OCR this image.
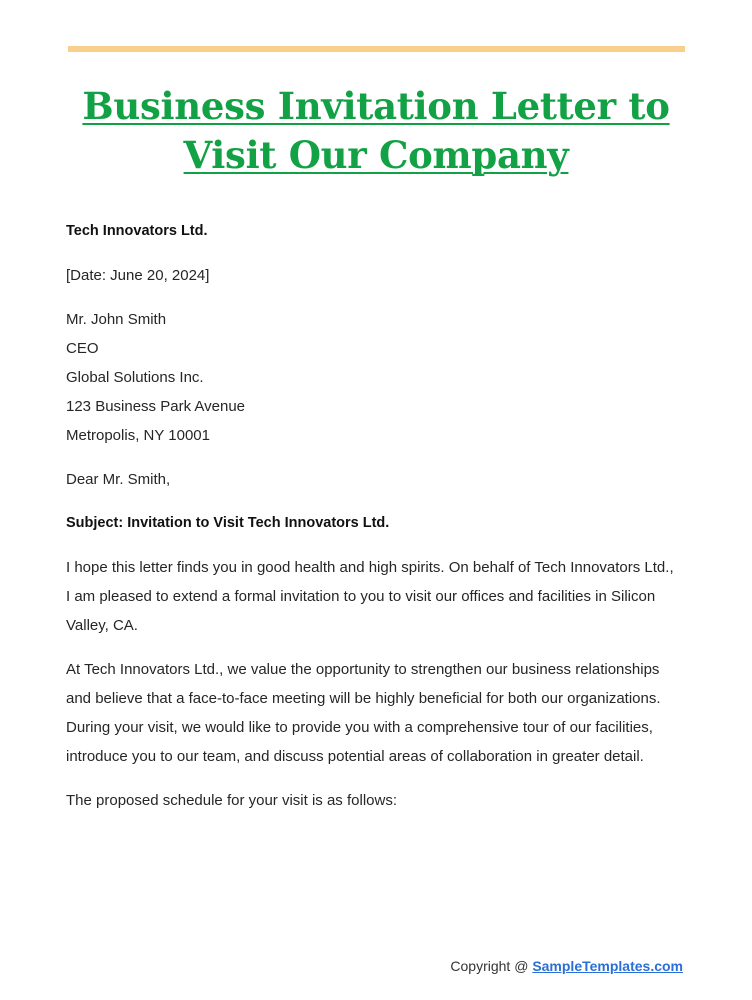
Business Invitation Letter to Visit Our Company

Tech Innovators Ltd.

[Date: June 20, 2024]

Mr. John Smith
CEO
Global Solutions Inc.
123 Business Park Avenue
Metropolis, NY 10001

Dear Mr. Smith,

Subject: Invitation to Visit Tech Innovators Ltd.

I hope this letter finds you in good health and high spirits. On behalf of Tech Innovators Ltd., I am pleased to extend a formal invitation to you to visit our offices and facilities in Silicon Valley, CA.

At Tech Innovators Ltd., we value the opportunity to strengthen our business relationships and believe that a face-to-face meeting will be highly beneficial for both our organizations. During your visit, we would like to provide you with a comprehensive tour of our facilities, introduce you to our team, and discuss potential areas of collaboration in greater detail.

The proposed schedule for your visit is as follows:

Copyright @ SampleTemplates.com
